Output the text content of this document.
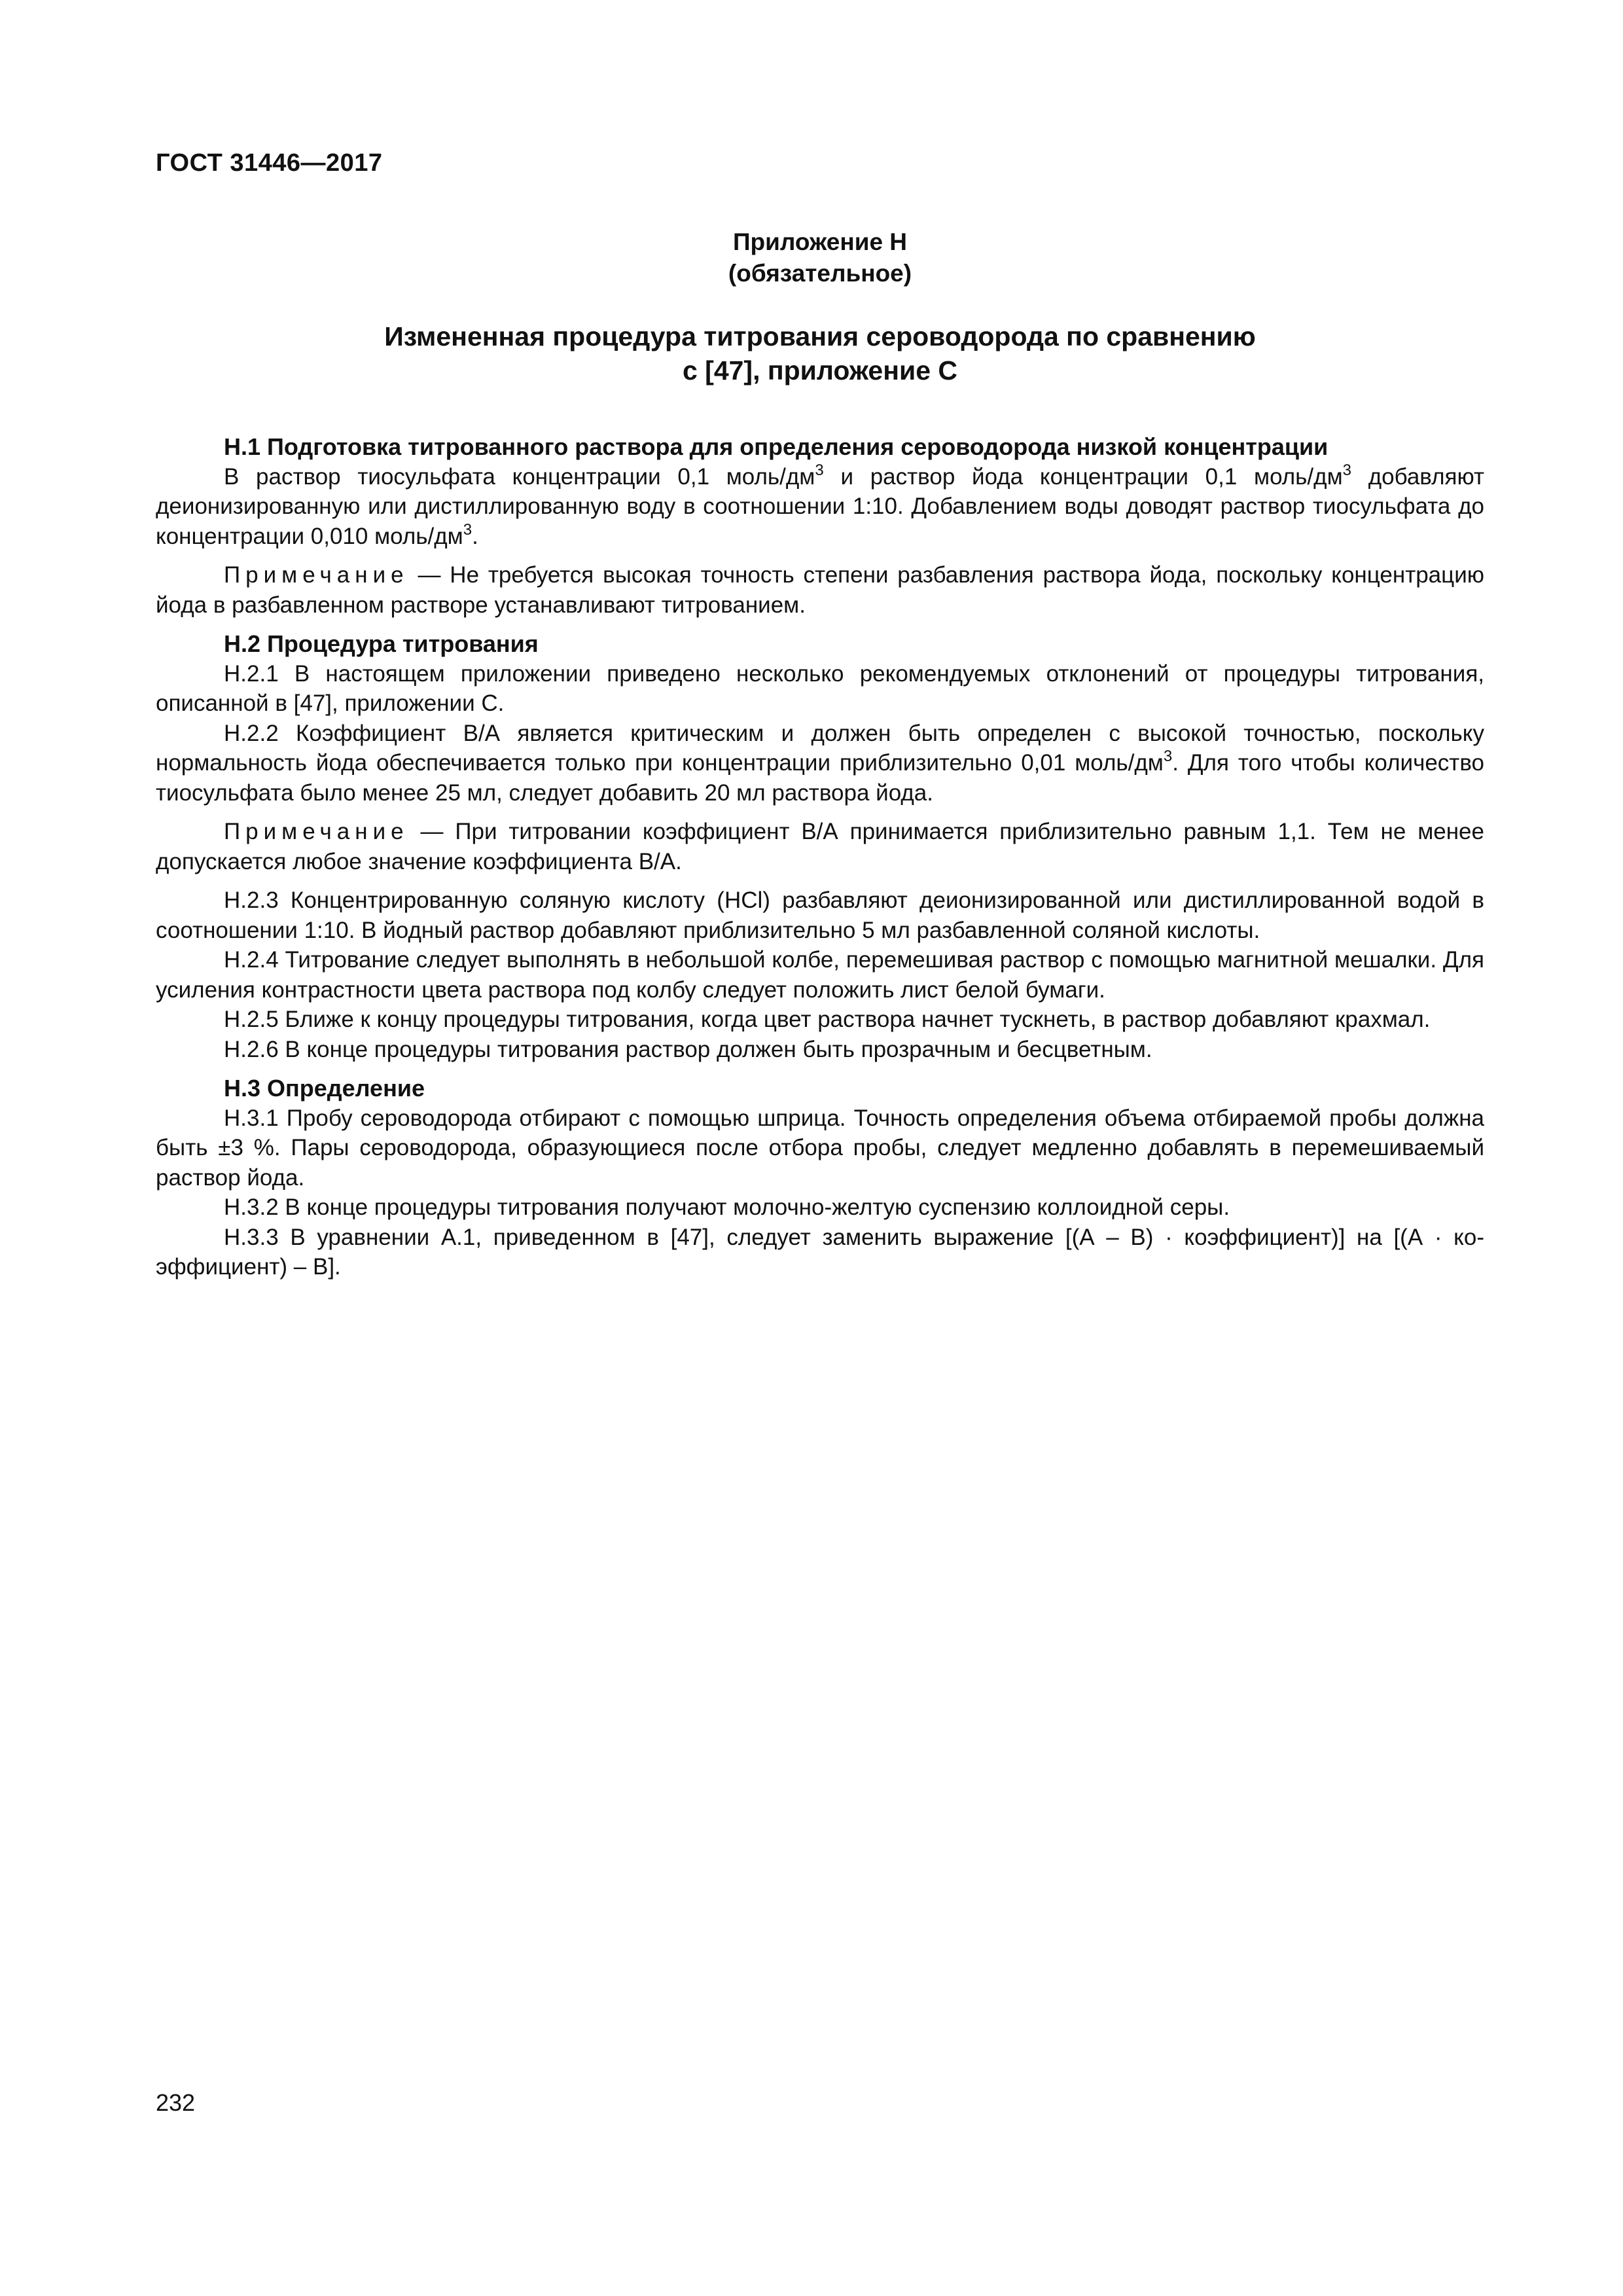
ГОСТ 31446—2017
Приложение Н
(обязательное)
Измененная процедура титрования сероводорода по сравнению
с [47], приложение С
Н.1 Подготовка титрованного раствора для определения сероводорода низкой концентрации

В раствор тиосульфата концентрации 0,1 моль/$дм^3$ и раствор йода концентрации 0,1 моль/$дм^3$ добавляют деионизированную или дистиллированную воду в соотношении 1:10. Добавлением воды доводят раствор тиосульфата до концентрации 0,010 моль/$дм^3$.

Примечание — Не требуется высокая точность степени разбавления раствора йода, поскольку концентрацию йода в разбавленном растворе устанавливают титрованием.

Н.2 Процедура титрования

Н.2.1 В настоящем приложении приведено несколько рекомендуемых отклонений от процедуры титрования, описанной в [47], приложении С.

Н.2.2 Коэффициент В/А является критическим и должен быть определен с высокой точностью, поскольку нормальность йода обеспечивается только при концентрации приблизительно 0,01 моль/$дм^3$. Для того чтобы количество тиосульфата было менее 25 мл, следует добавить 20 мл раствора йода.

Примечание — При титровании коэффициент В/А принимается приблизительно равным 1,1. Тем не менее допускается любое значение коэффициента В/А.

Н.2.3 Концентрированную соляную кислоту (HCl) разбавляют деионизированной или дистиллированной водой в соотношении 1:10. В йодный раствор добавляют приблизительно 5 мл разбавленной соляной кислоты.

Н.2.4 Титрование следует выполнять в небольшой колбе, перемешивая раствор с помощью магнитной мешалки. Для усиления контрастности цвета раствора под колбу следует положить лист белой бумаги.

Н.2.5 Ближе к концу процедуры титрования, когда цвет раствора начнет тускнеть, в раствор добавляют крахмал.

Н.2.6 В конце процедуры титрования раствор должен быть прозрачным и бесцветным.

Н.3 Определение

Н.3.1 Пробу сероводорода отбирают с помощью шприца. Точность определения объема отбираемой пробы должна быть ±3 %. Пары сероводорода, образующиеся после отбора пробы, следует медленно добавлять в перемешиваемый раствор йода.

Н.3.2 В конце процедуры титрования получают молочно-желтую суспензию коллоидной серы.

Н.3.3 В уравнении А.1, приведенном в [47], следует заменить выражение [(А – В) · коэффициент)] на [(А · коэффициент) – В].

232
